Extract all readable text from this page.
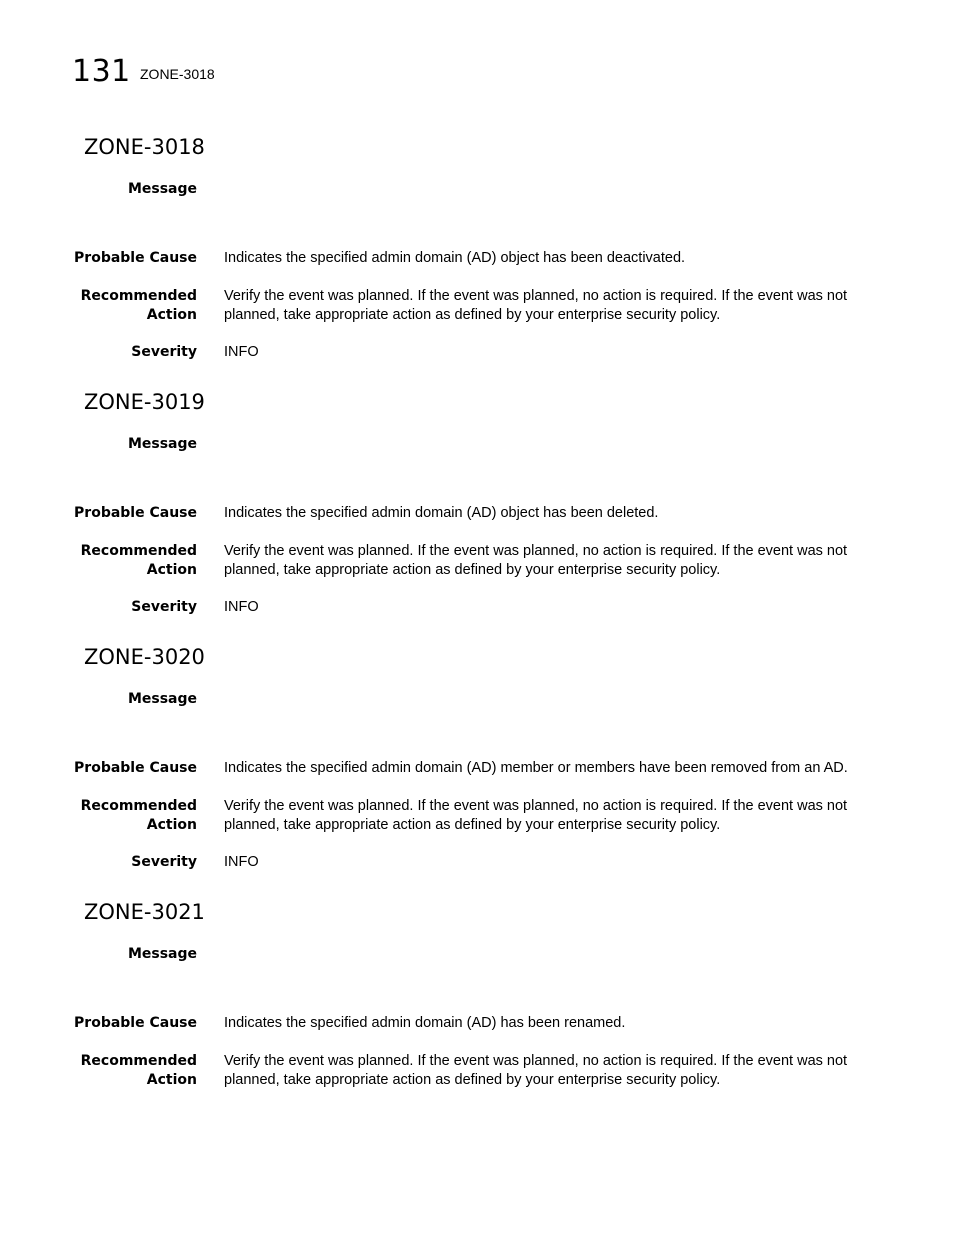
131 ZONE-3018
ZONE-3018
Message
Probable Cause Indicates the specified admin domain (AD) object has been deactivated.
Recommended
Action
Verify the event was planned. If the event was planned, no action is required. If the event was not planned, take appropriate action as defined by your enterprise security policy.
Severity INFO
ZONE-3019
Message
Probable Cause Indicates the specified admin domain (AD) object has been deleted.
Recommended
Action
Verify the event was planned. If the event was planned, no action is required. If the event was not planned, take appropriate action as defined by your enterprise security policy.
Severity INFO
ZONE-3020
Message
Probable Cause Indicates the specified admin domain (AD) member or members have been removed from an AD.
Recommended
Action
Verify the event was planned. If the event was planned, no action is required. If the event was not planned, take appropriate action as defined by your enterprise security policy.
Severity INFO
ZONE-3021
Message
Probable Cause Indicates the specified admin domain (AD) has been renamed.
Recommended
Action
Verify the event was planned. If the event was planned, no action is required. If the event was not planned, take appropriate action as defined by your enterprise security policy.
